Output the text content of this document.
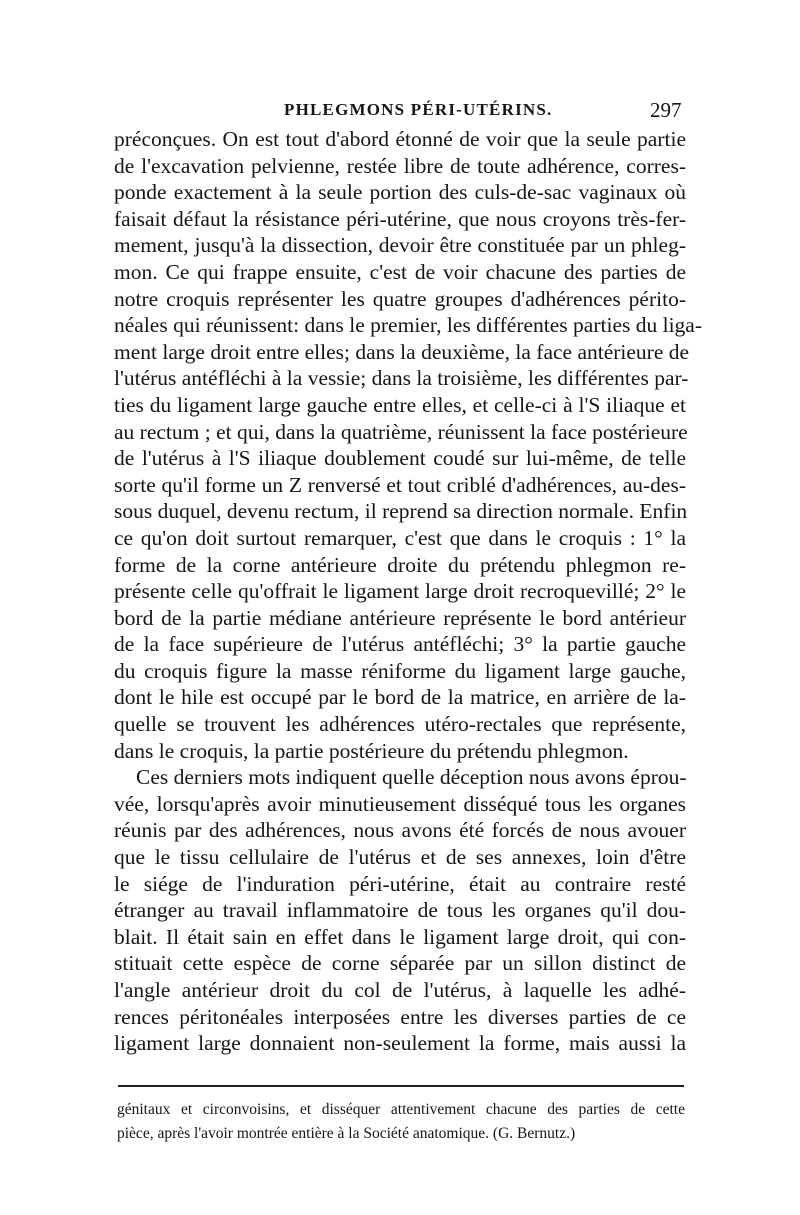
PHLEGMONS PÉRI-UTÉRINS.	297
préconçues. On est tout d'abord étonné de voir que la seule partie
de l'excavation pelvienne, restée libre de toute adhérence, corres-
ponde exactement à la seule portion des culs-de-sac vaginaux où
faisait défaut la résistance péri-utérine, que nous croyons très-fer-
mement, jusqu'à la dissection, devoir être constituée par un phleg-
mon. Ce qui frappe ensuite, c'est de voir chacune des parties de
notre croquis représenter les quatre groupes d'adhérences périto-
néales qui réunissent: dans le premier, les différentes parties du liga-
ment large droit entre elles; dans la deuxième, la face antérieure de
l'utérus antéfléchi à la vessie; dans la troisième, les différentes par-
ties du ligament large gauche entre elles, et celle-ci à l'S iliaque et
au rectum ; et qui, dans la quatrième, réunissent la face postérieure
de l'utérus à l'S iliaque doublement coudé sur lui-même, de telle
sorte qu'il forme un Z renversé et tout criblé d'adhérences, au-des-
sous duquel, devenu rectum, il reprend sa direction normale. Enfin
ce qu'on doit surtout remarquer, c'est que dans le croquis : 1° la
forme de la corne antérieure droite du prétendu phlegmon re-
présente celle qu'offrait le ligament large droit recroquevillé; 2° le
bord de la partie médiane antérieure représente le bord antérieur
de la face supérieure de l'utérus antéfléchi; 3° la partie gauche
du croquis figure la masse réniforme du ligament large gauche,
dont le hile est occupé par le bord de la matrice, en arrière de la-
quelle se trouvent les adhérences utéro-rectales que représente,
dans le croquis, la partie postérieure du prétendu phlegmon.
Ces derniers mots indiquent quelle déception nous avons éprou-
vée, lorsqu'après avoir minutieusement disséqué tous les organes
réunis par des adhérences, nous avons été forcés de nous avouer
que le tissu cellulaire de l'utérus et de ses annexes, loin d'être
le siége de l'induration péri-utérine, était au contraire resté
étranger au travail inflammatoire de tous les organes qu'il dou-
blait. Il était sain en effet dans le ligament large droit, qui con-
stituait cette espèce de corne séparée par un sillon distinct de
l'angle antérieur droit du col de l'utérus, à laquelle les adhé-
rences péritonéales interposées entre les diverses parties de ce
ligament large donnaient non-seulement la forme, mais aussi la
génitaux et circonvoisins, et disséquer attentivement chacune des parties de cette
pièce, après l'avoir montrée entière à la Société anatomique. (G. Bernutz.)
